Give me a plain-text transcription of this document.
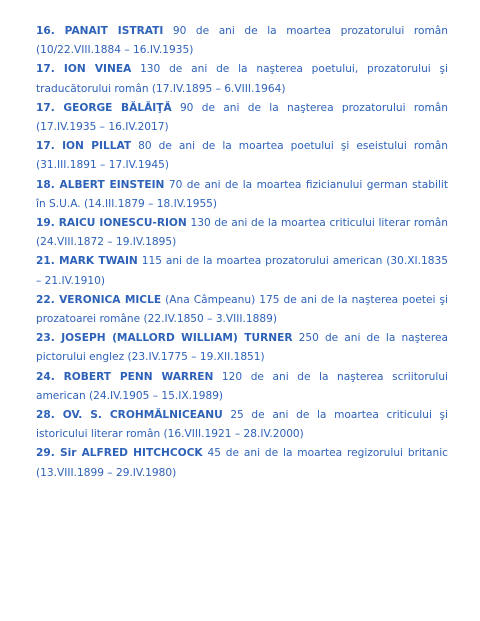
16. PANAIT ISTRATI 90 de ani de la moartea prozatorului român (10/22.VIII.1884 – 16.IV.1935)

17. ION VINEA 130 de ani de la naşterea poetului, prozatorului şi traducătorului român (17.IV.1895 – 6.VIII.1964)

17. GEORGE BĂLĂIŢĂ 90 de ani de la naşterea prozatorului român (17.IV.1935 – 16.IV.2017)

17. ION PILLAT 80 de ani de la moartea poetului şi eseistului român (31.III.1891 – 17.IV.1945)

18. ALBERT EINSTEIN 70 de ani de la moartea fizicianului german stabilit în S.U.A. (14.III.1879 – 18.IV.1955)

19. RAICU IONESCU-RION 130 de ani de la moartea criticului literar român (24.VIII.1872 – 19.IV.1895)

21. MARK TWAIN 115 ani de la moartea prozatorului american (30.XI.1835 – 21.IV.1910)

22. VERONICA MICLE (Ana Câmpeanu) 175 de ani de la naşterea poetei şi prozatoarei române (22.IV.1850 – 3.VIII.1889)

23. JOSEPH (MALLORD WILLIAM) TURNER 250 de ani de la naşterea pictorului englez (23.IV.1775 – 19.XII.1851)

24. ROBERT PENN WARREN 120 de ani de la naşterea scriitorului american (24.IV.1905 – 15.IX.1989)

28. OV. S. CROHMĂLNICEANU 25 de ani de la moartea criticului şi istoricului literar român (16.VIII.1921 – 28.IV.2000)

29. Sir ALFRED HITCHCOCK 45 de ani de la moartea regizorului britanic (13.VIII.1899 – 29.IV.1980)
